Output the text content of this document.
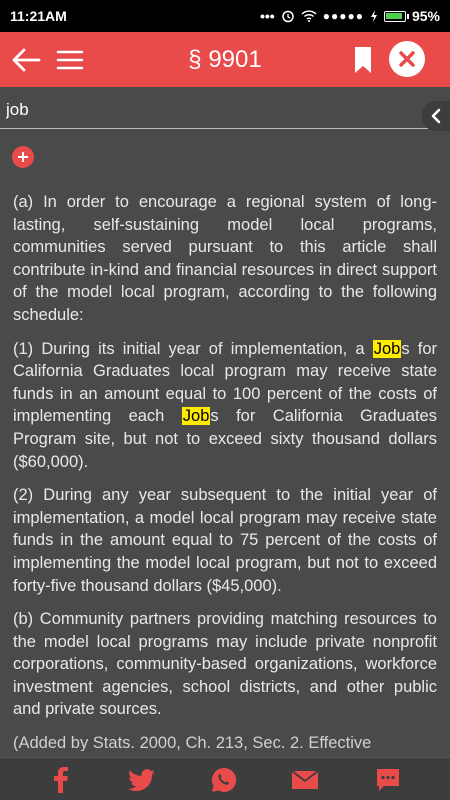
11:21AM	•••	●●●●●	95%
§ 9901
job

(a) In order to encourage a regional system of long-lasting, self-sustaining model local programs, communities served pursuant to this article shall contribute in-kind and financial resources in direct support of the model local program, according to the following schedule:

(1) During its initial year of implementation, a Jobs for California Graduates local program may receive state funds in an amount equal to 100 percent of the costs of implementing each Jobs for California Graduates Program site, but not to exceed sixty thousand dollars ($60,000).

(2) During any year subsequent to the initial year of implementation, a model local program may receive state funds in the amount equal to 75 percent of the costs of implementing the model local program, but not to exceed forty-five thousand dollars ($45,000).

(b) Community partners providing matching resources to the model local programs may include private nonprofit corporations, community-based organizations, workforce investment agencies, school districts, and other public and private sources.

(Added by Stats. 2000, Ch. 213, Sec. 2. Effective
